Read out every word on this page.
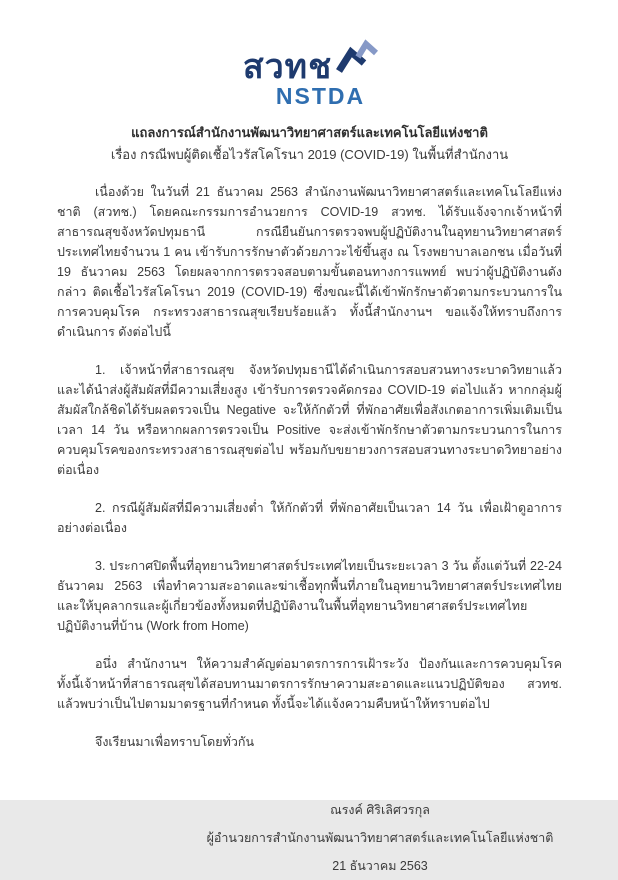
สวทช
NSTDA
แถลงการณ์สำนักงานพัฒนาวิทยาศาสตร์และเทคโนโลยีแห่งชาติ
เรื่อง กรณีพบผู้ติดเชื้อไวรัสโคโรนา 2019 (COVID-19) ในพื้นที่สำนักงาน

เนื่องด้วย ในวันที่ 21 ธันวาคม 2563 สำนักงานพัฒนาวิทยาศาสตร์และเทคโนโลยีแห่งชาติ (สวทช.) โดยคณะกรรมการอำนวยการ COVID-19 สวทช. ได้รับแจ้งจากเจ้าหน้าที่สาธารณสุขจังหวัดปทุมธานี กรณียืนยันการตรวจพบผู้ปฏิบัติงานในอุทยานวิทยาศาสตร์ประเทศไทยจำนวน 1 คน เข้ารับการรักษาตัวด้วยภาวะไข้ขึ้นสูง ณ โรงพยาบาลเอกชน เมื่อวันที่ 19 ธันวาคม 2563 โดยผลจากการตรวจสอบตามขั้นตอนทางการแพทย์ พบว่าผู้ปฏิบัติงานดังกล่าว ติดเชื้อไวรัสโคโรนา 2019 (COVID-19) ซึ่งขณะนี้ได้เข้าพักรักษาตัวตามกระบวนการในการควบคุมโรค กระทรวงสาธารณสุขเรียบร้อยแล้ว ทั้งนี้สำนักงานฯ ขอแจ้งให้ทราบถึงการดำเนินการ ดังต่อไปนี้

1. เจ้าหน้าที่สาธารณสุข จังหวัดปทุมธานีได้ดำเนินการสอบสวนทางระบาดวิทยาแล้ว และได้นำส่งผู้สัมผัสที่มีความเสี่ยงสูง เข้ารับการตรวจคัดกรอง COVID-19 ต่อไปแล้ว หากกลุ่มผู้สัมผัสใกล้ชิดได้รับผลตรวจเป็น Negative จะให้กักตัวที่ ที่พักอาศัยเพื่อสังเกตอาการเพิ่มเติมเป็นเวลา 14 วัน หรือหากผลการตรวจเป็น Positive จะส่งเข้าพักรักษาตัวตามกระบวนการในการควบคุมโรคของกระทรวงสาธารณสุขต่อไป พร้อมกับขยายวงการสอบสวนทางระบาดวิทยาอย่างต่อเนื่อง

2. กรณีผู้สัมผัสที่มีความเสี่ยงต่ำ ให้กักตัวที่ ที่พักอาศัยเป็นเวลา 14 วัน เพื่อเฝ้าดูอาการอย่างต่อเนื่อง

3. ประกาศปิดพื้นที่อุทยานวิทยาศาสตร์ประเทศไทยเป็นระยะเวลา 3 วัน ตั้งแต่วันที่ 22-24 ธันวาคม 2563 เพื่อทำความสะอาดและฆ่าเชื้อทุกพื้นที่ภายในอุทยานวิทยาศาสตร์ประเทศไทย และให้บุคลากรและผู้เกี่ยวข้องทั้งหมดที่ปฏิบัติงานในพื้นที่อุทยานวิทยาศาสตร์ประเทศไทย ปฏิบัติงานที่บ้าน (Work from Home)

อนึ่ง สำนักงานฯ ให้ความสำคัญต่อมาตรการการเฝ้าระวัง ป้องกันและการควบคุมโรค ทั้งนี้เจ้าหน้าที่สาธารณสุขได้สอบทานมาตรการรักษาความสะอาดและแนวปฏิบัติของ สวทช. แล้วพบว่าเป็นไปตามมาตรฐานที่กำหนด ทั้งนี้จะได้แจ้งความคืบหน้าให้ทราบต่อไป

จึงเรียนมาเพื่อทราบโดยทั่วกัน

ณรงค์ ศิริเลิศวรกุล
ผู้อำนวยการสำนักงานพัฒนาวิทยาศาสตร์และเทคโนโลยีแห่งชาติ
21 ธันวาคม 2563
